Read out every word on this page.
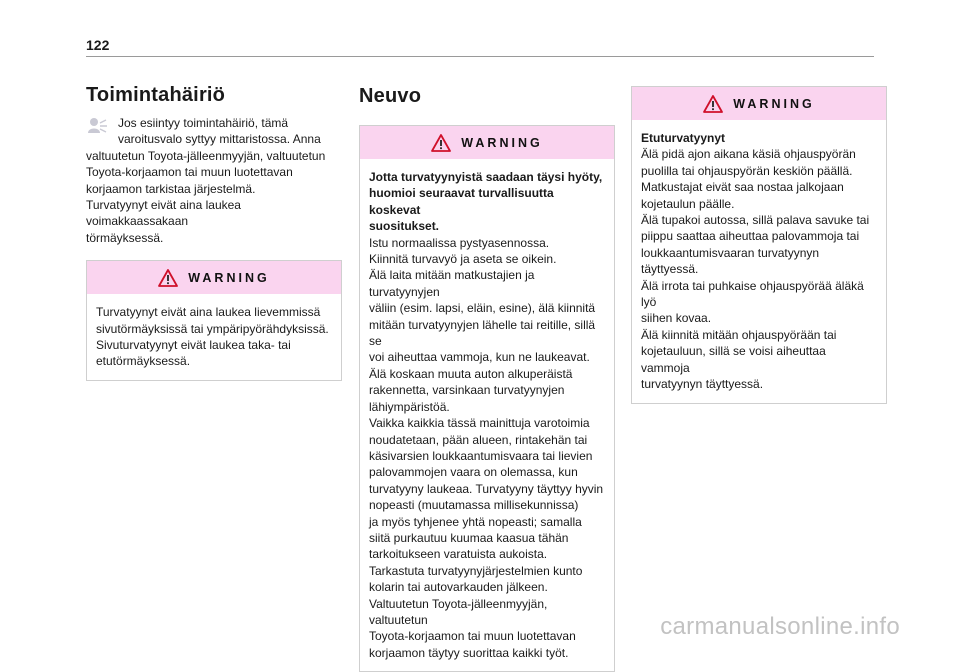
122
Toimintahäiriö
Jos esiintyy toimintahäiriö, tämä
varoitusvalo syttyy mittaristossa. Anna
valtuutetun Toyota-jälleenmyyjän, valtuutetun
Toyota-korjaamon tai muun luotettavan
korjaamon tarkistaa järjestelmä.
Turvatyynyt eivät aina laukea voimakkaassakaan
törmäyksessä.
WARNING

Turvatyynyt eivät aina laukea lievemmissä

sivutörmäyksissä tai ympäripyörähdyksissä.

Sivuturvatyynyt eivät laukea taka- tai

etutörmäyksessä.

Neuvo
WARNING

Jotta turvatyynyistä saadaan täysi hyöty,

huomioi seuraavat turvallisuutta koskevat

suositukset.

Istu normaalissa pystyasennossa.

Kiinnitä turvavyö ja aseta se oikein.

Älä laita mitään matkustajien ja turvatyynyjen

väliin (esim. lapsi, eläin, esine), älä kiinnitä

mitään turvatyynyjen lähelle tai reitille, sillä se

voi aiheuttaa vammoja, kun ne laukeavat.

Älä koskaan muuta auton alkuperäistä

rakennetta, varsinkaan turvatyynyjen

lähiympäristöä.

Vaikka kaikkia tässä mainittuja varotoimia

noudatetaan, pään alueen, rintakehän tai

käsivarsien loukkaantumisvaara tai lievien

palovammojen vaara on olemassa, kun

turvatyyny laukeaa. Turvatyyny täyttyy hyvin

nopeasti (muutamassa millisekunnissa)

ja myös tyhjenee yhtä nopeasti; samalla

siitä purkautuu kuumaa kaasua tähän

tarkoitukseen varatuista aukoista.

Tarkastuta turvatyynyjärjestelmien kunto

kolarin tai autovarkauden jälkeen.

Valtuutetun Toyota-jälleenmyyjän, valtuutetun

Toyota-korjaamon tai muun luotettavan

korjaamon täytyy suorittaa kaikki työt.

WARNING

Etuturvatyynyt

Älä pidä ajon aikana käsiä ohjauspyörän

puolilla tai ohjauspyörän keskiön päällä.

Matkustajat eivät saa nostaa jalkojaan

kojetaulun päälle.

Älä tupakoi autossa, sillä palava savuke tai

piippu saattaa aiheuttaa palovammoja tai

loukkaantumisvaaran turvatyynyn täyttyessä.

Älä irrota tai puhkaise ohjauspyörää äläkä lyö

siihen kovaa.

Älä kiinnitä mitään ohjauspyörään tai

kojetauluun, sillä se voisi aiheuttaa vammoja

turvatyynyn täyttyessä.

carmanualsonline.info
